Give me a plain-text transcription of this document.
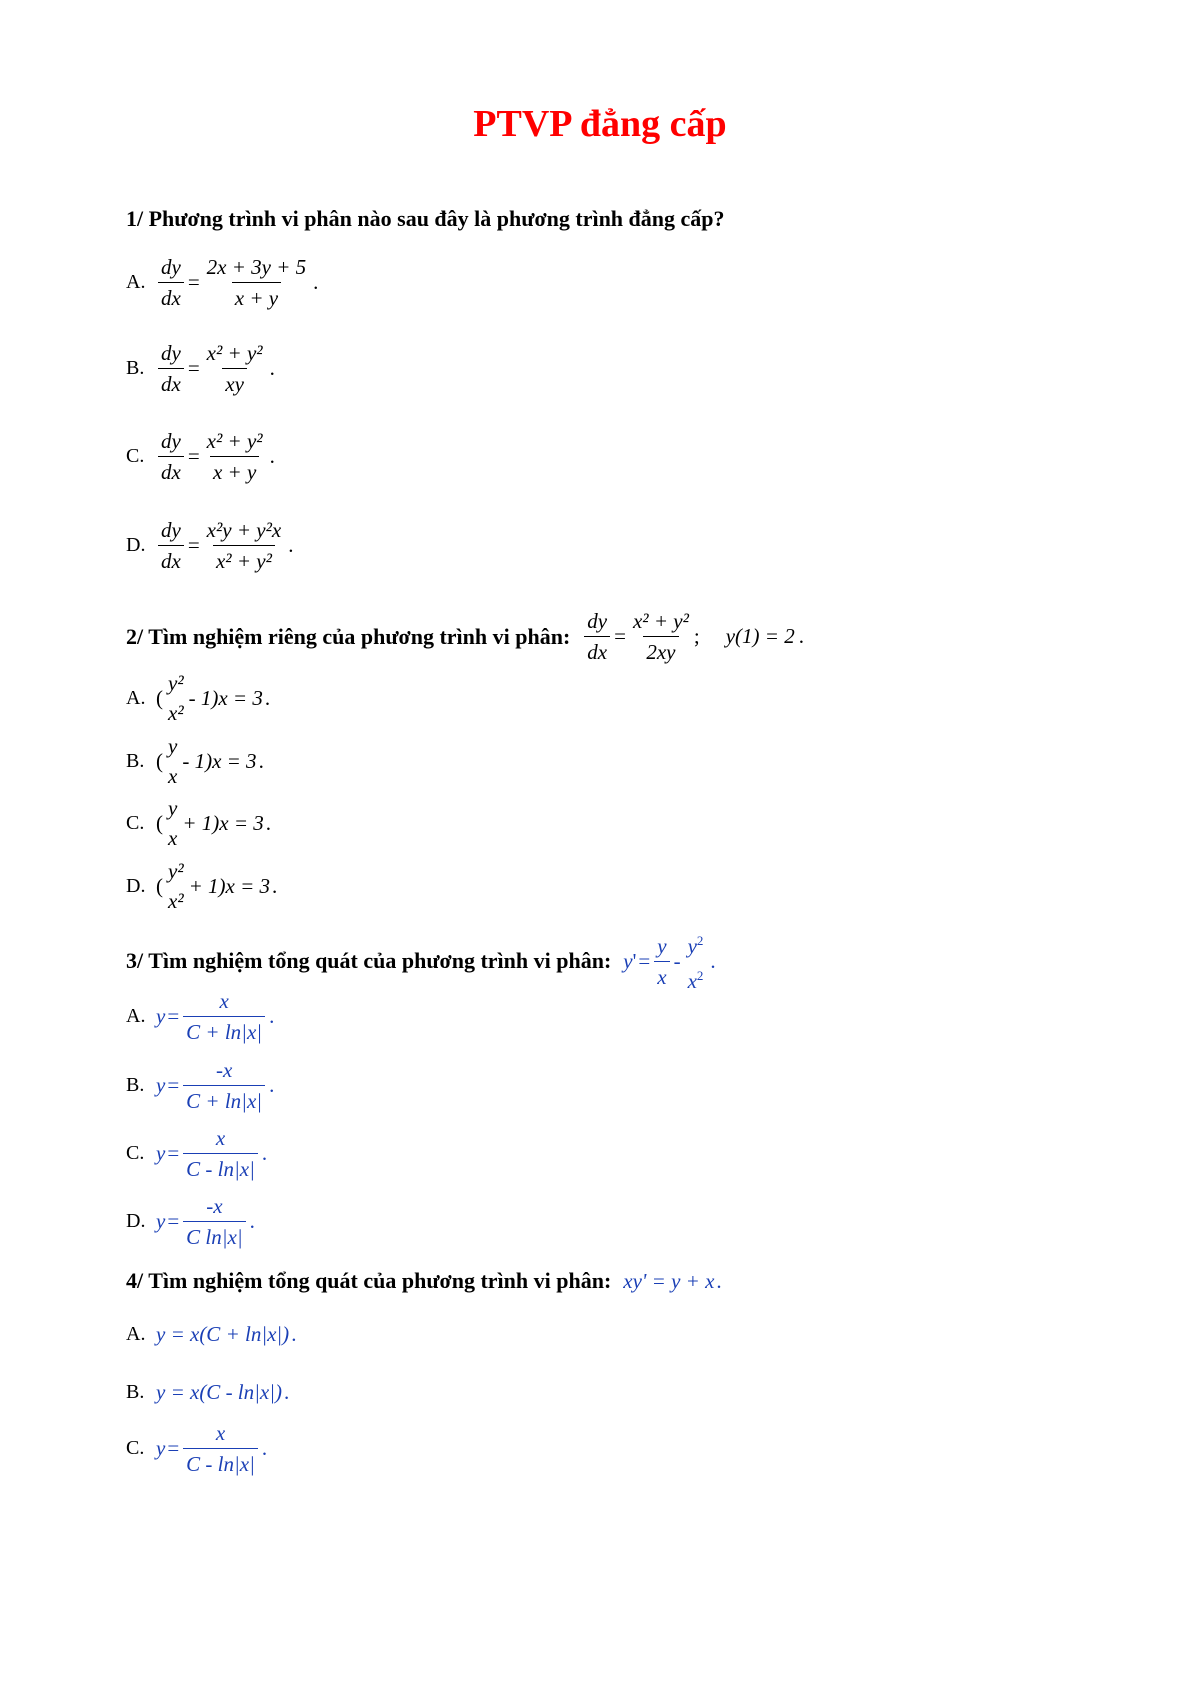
PTVP đẳng cấp
1/ Phương trình vi phân nào sau đây là phương trình đẳng cấp?
A. $\frac{dy}{dx} = \frac{2x + 3y + 5}{x + y}$ .
B. $\frac{dy}{dx} = \frac{\text{x² + y²}}{xy}$ .
C. $\frac{dy}{dx} = \frac{\text{x² + y²}}{x + y}$ .
D. $\frac{dy}{dx} = \frac{\text{x²y + y²x}}{\text{x² + y²}}$ .
2/ Tìm nghiệm riêng của phương trình vi phân: $\frac{dy}{dx} = \frac{\text{x² + y²}}{2xy}$ ; y(1) = 2 .
A. (
y²
x²
- 1)x = 3 .
B. (
y
x
- 1)x = 3 .
C. (
y
x
+ 1)x = 3 .
D. (
y²
x²
+ 1)x = 3 .
3/ Tìm nghiệm tổng quát của phương trình vi phân: y ' = $\frac{y}{x}$ -
$y^2$
$x^2$
.
A. $y = \frac{x}{C + \ln|x|}$ .
B. $y = \frac{-x}{C + \ln|x|}$ .
C. $y = \frac{x}{C - \ln|x|}$ .
D. $y = \frac{-x}{\text{C ln|x|}}$ .
4/ Tìm nghiệm tổng quát của phương trình vi phân: xy' = y + x .
A. y = x(C + ln|x|) .
B. y = x(C - ln|x|) .
C. $y = \frac{x}{C - \ln|x|}$ .
